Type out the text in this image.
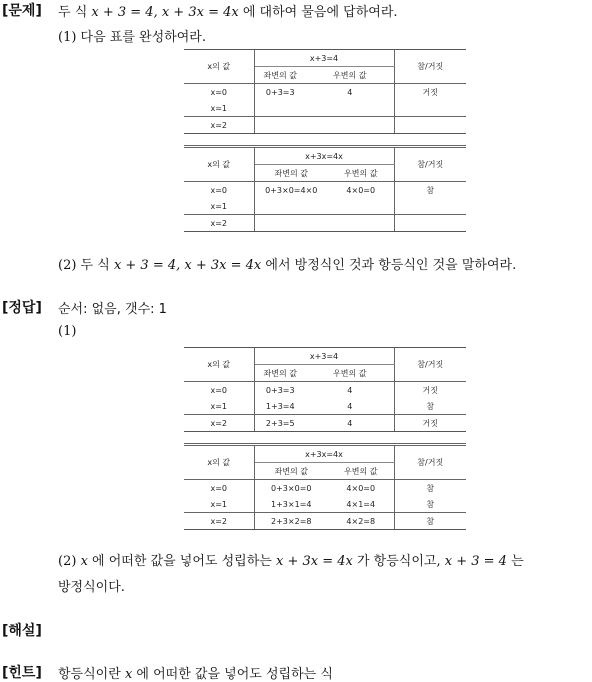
[문제] 두 식 x + 3 = 4, x + 3x = 4x 에 대하여 물음에 답하여라.
(1) 다음 표를 완성하여라.
x의 값	x+3=4		참/거짓
	좌변의 값	우변의 값	
x=0	0+3=3	4	거짓
x=1			
x=2			
x의 값	x+3x=4x		참/거짓
	좌변의 값	우변의 값	
x=0	0+3×0=4×0	4×0=0	참
x=1			
x=2			
(2) 두 식 x + 3 = 4, x + 3x = 4x 에서 방정식인 것과 항등식인 것을 말하여라.
[정답] 순서: 없음, 갯수: 1
(1)
x의 값	x+3=4		참/거짓
	좌변의 값	우변의 값	
x=0	0+3=3	4	거짓
x=1	1+3=4	4	참
x=2	2+3=5	4	거짓
x의 값	x+3x=4x		참/거짓
	좌변의 값	우변의 값	
x=0	0+3×0=0	4×0=0	참
x=1	1+3×1=4	4×1=4	참
x=2	2+3×2=8	4×2=8	참
(2) x 에 어떠한 값을 넣어도 성립하는 x + 3x = 4x 가 항등식이고, x + 3 = 4 는
방정식이다.
[해설]
[힌트] 항등식이란 x 에 어떠한 값을 넣어도 성립하는 식
